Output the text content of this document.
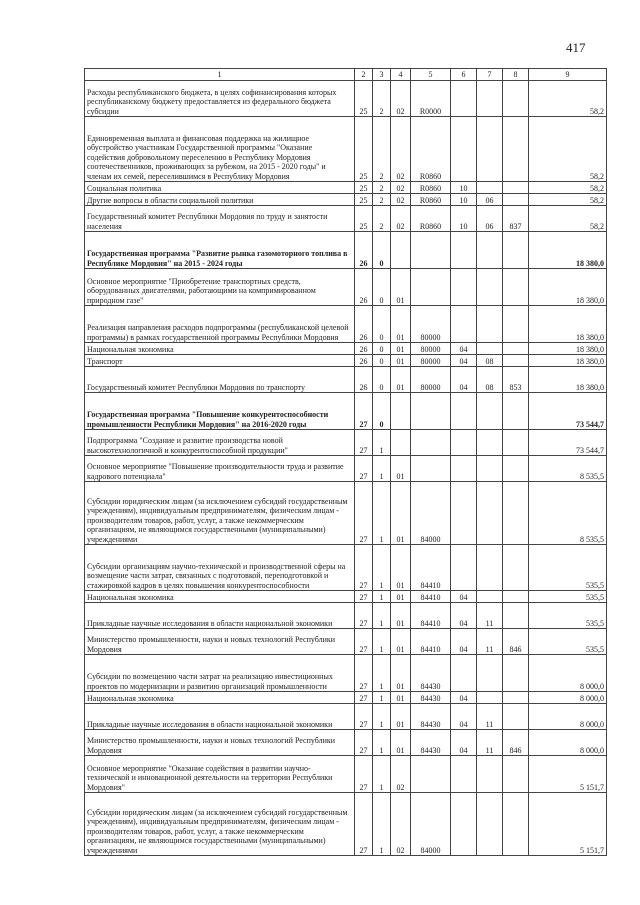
417
1	2	3	4	5	6	7	8	9
Расходы республиканского бюджета, в целях софинансирования которых республиканскому бюджету предоставляется из федерального бюджета субсидии	25	2	02	R0000				58,2
Единовременная выплата и финансовая поддержка на жилищное обустройство участникам Государственной программы "Оказание содействия добровольному переселению в Республику Мордовия соотечественников, проживающих за рубежом, на 2015 - 2020 годы" и членам их семей, переселившимся в Республику Мордовия	25	2	02	R0860				58,2
Социальная политика	25	2	02	R0860	10			58,2
Другие вопросы в области социальной политики	25	2	02	R0860	10	06		58,2
Государственный комитет Республики Мордовия по труду и занятости населения	25	2	02	R0860	10	06	837	58,2
Государственная программа "Развитие рынка газомоторного топлива в Республике Мордовия" на 2015 - 2024 годы	26	0						18 380,0
Основное мероприятие "Приобретение транспортных средств, оборудованных двигателями, работающими на компримированном природном газе"	26	0	01					18 380,0
Реализация направления расходов подпрограммы (республиканской целевой программы) в рамках государственной программы Республики Мордовия	26	0	01	80000				18 380,0
Национальная экономика	26	0	01	80000	04			18 380,0
Транспорт	26	0	01	80000	04	08		18 380,0
Государственный комитет Республики Мордовия по транспорту	26	0	01	80000	04	08	853	18 380,0
Государственная программа "Повышение конкурентоспособности промышленности Республики Мордовия" на 2016-2020 годы	27	0						73 544,7
Подпрограмма "Создание и развитие производства новой высокотехнологичной и конкурентоспособной продукции"	27	1						73 544,7
Основное мероприятие "Повышение производительности труда и развитие кадрового потенциала"	27	1	01					8 535,5
Субсидии юридическим лицам (за исключением субсидий государственным учреждениям), индивидуальным предпринимателям, физическим лицам - производителям товаров, работ, услуг, а также некоммерческим организациям, не являющимся государственными (муниципальными) учреждениями	27	1	01	84000				8 535,5
Субсидии организациям научно-технической и производственной сферы на возмещение части затрат, связанных с подготовкой, переподготовкой и стажировкой кадров в целях повышения конкурентоспособности	27	1	01	84410				535,5
Национальная экономика	27	1	01	84410	04			535,5
Прикладные научные исследования в области национальной экономики	27	1	01	84410	04	11		535,5
Министерство промышленности, науки и новых технологий Республики Мордовия	27	1	01	84410	04	11	846	535,5
Субсидии по возмещению части затрат на реализацию инвестиционных проектов по модернизации и развитию организаций промышленности	27	1	01	84430				8 000,0
Национальная экономика	27	1	01	84430	04			8 000,0
Прикладные научные исследования в области национальной экономики	27	1	01	84430	04	11		8 000,0
Министерство промышленности, науки и новых технологий Республики Мордовия	27	1	01	84430	04	11	846	8 000,0
Основное мероприятие "Оказание содействия в развитии научно-технической и инновационной деятельности на территории Республики Мордовия"	27	1	02					5 151,7
Субсидии юридическим лицам (за исключением субсидий государственным учреждениям), индивидуальным предпринимателям, физическим лицам - производителям товаров, работ, услуг, а также некоммерческим организациям, не являющимся государственными (муниципальными) учреждениями	27	1	02	84000				5 151,7
